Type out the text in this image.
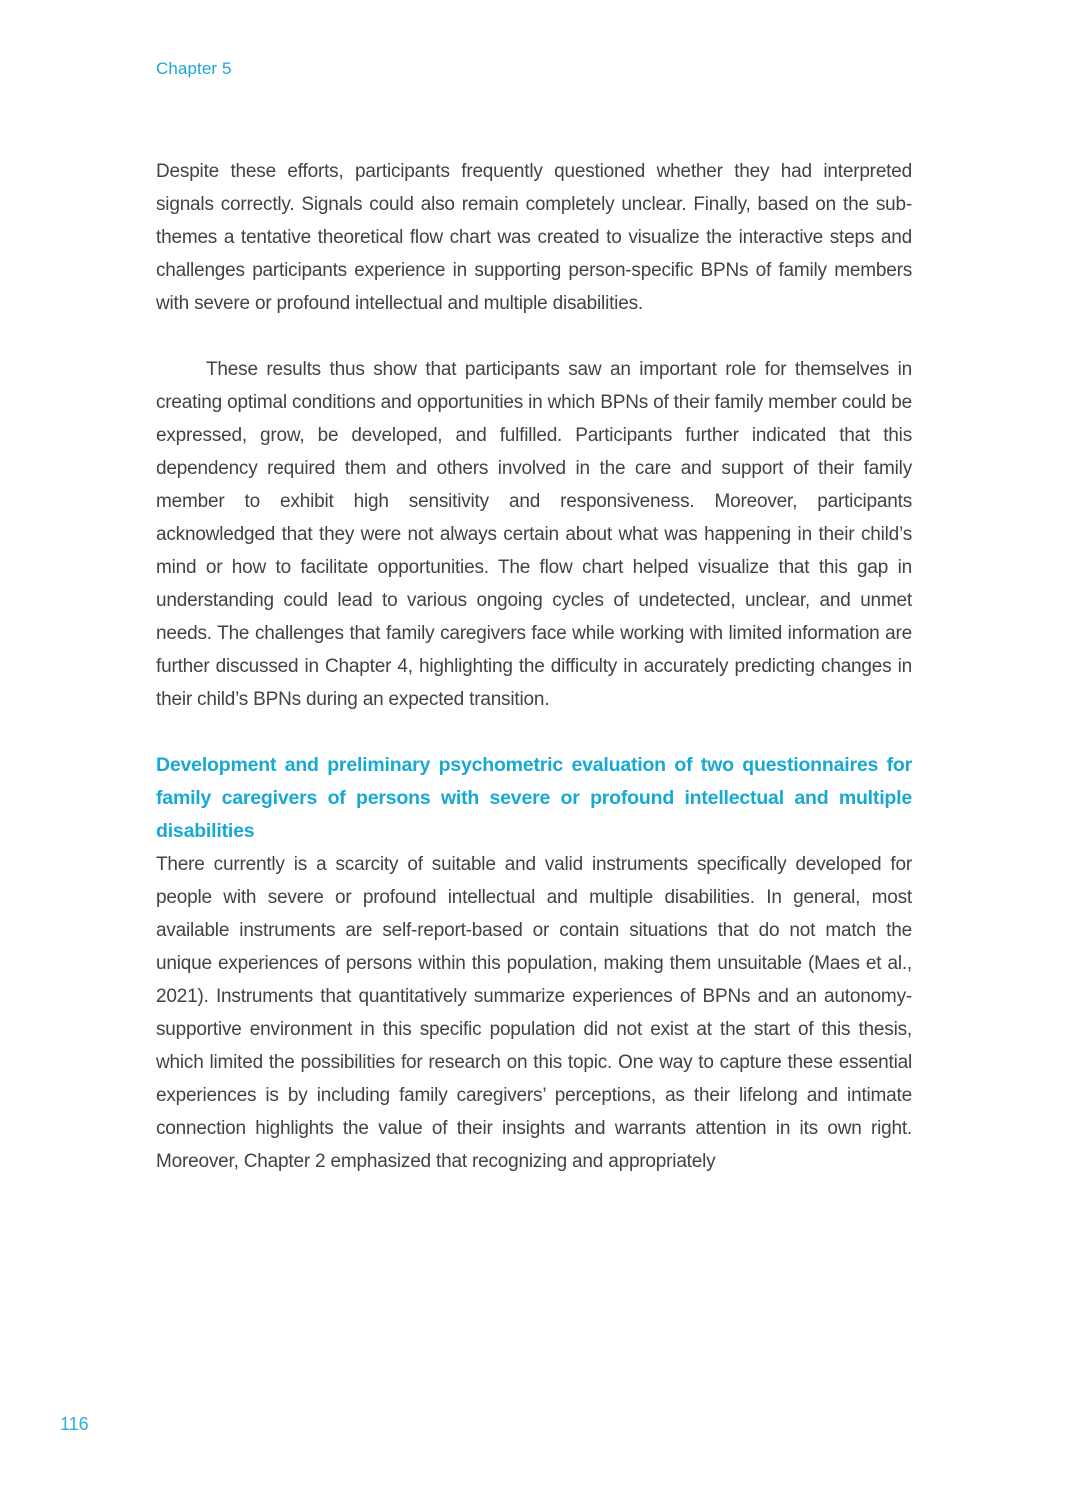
Chapter 5

Despite these efforts, participants frequently questioned whether they had interpreted signals correctly. Signals could also remain completely unclear. Finally, based on the sub-themes a tentative theoretical flow chart was created to visualize the interactive steps and challenges participants experience in supporting person-specific BPNs of family members with severe or profound intellectual and multiple disabilities.

These results thus show that participants saw an important role for themselves in creating optimal conditions and opportunities in which BPNs of their family member could be expressed, grow, be developed, and fulfilled. Participants further indicated that this dependency required them and others involved in the care and support of their family member to exhibit high sensitivity and responsiveness. Moreover, participants acknowledged that they were not always certain about what was happening in their child’s mind or how to facilitate opportunities. The flow chart helped visualize that this gap in understanding could lead to various ongoing cycles of undetected, unclear, and unmet needs. The challenges that family caregivers face while working with limited information are further discussed in Chapter 4, highlighting the difficulty in accurately predicting changes in their child’s BPNs during an expected transition.

Development and preliminary psychometric evaluation of two questionnaires for family caregivers of persons with severe or profound intellectual and multiple disabilities

There currently is a scarcity of suitable and valid instruments specifically developed for people with severe or profound intellectual and multiple disabilities. In general, most available instruments are self-report-based or contain situations that do not match the unique experiences of persons within this population, making them unsuitable (Maes et al., 2021). Instruments that quantitatively summarize experiences of BPNs and an autonomy-supportive environment in this specific population did not exist at the start of this thesis, which limited the possibilities for research on this topic. One way to capture these essential experiences is by including family caregivers’ perceptions, as their lifelong and intimate connection highlights the value of their insights and warrants attention in its own right. Moreover, Chapter 2 emphasized that recognizing and appropriately

116
